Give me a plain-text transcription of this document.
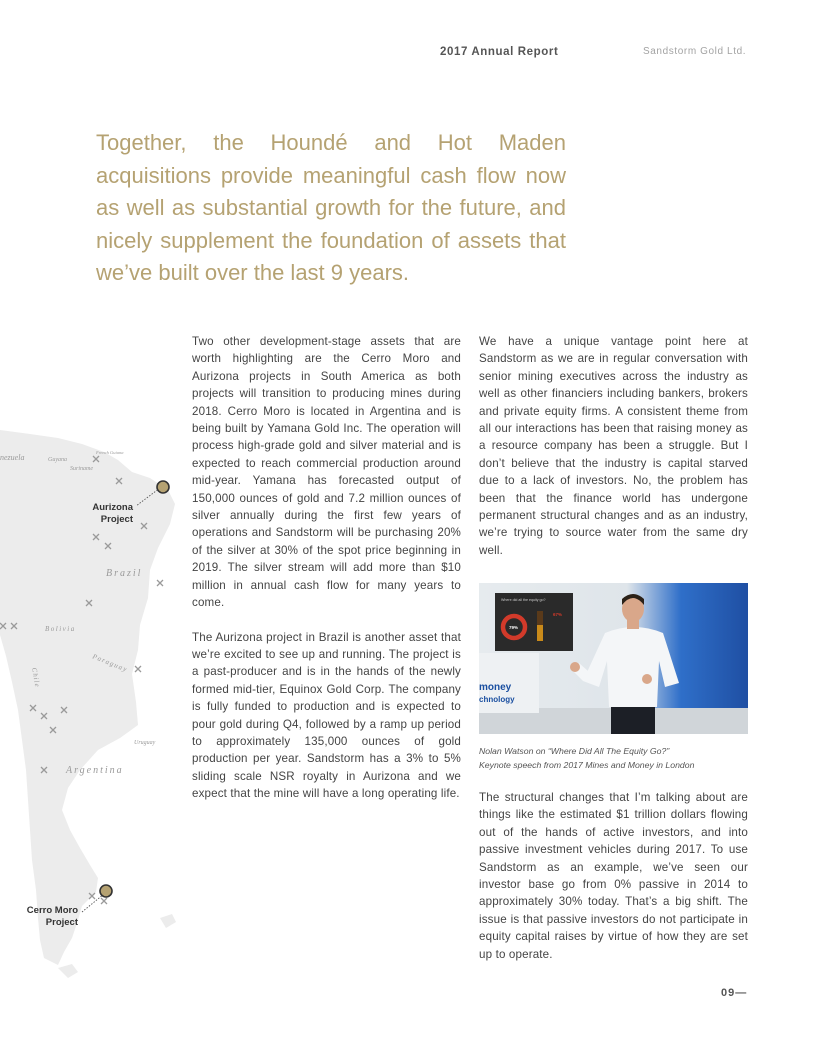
2017 Annual Report	Sandstorm Gold Ltd.
Together, the Houndé and Hot Maden acquisitions provide meaningful cash flow now as well as substantial growth for the future, and nicely supplement the foundation of assets that we’ve built over the last 9 years.
nezuela	Guyana
Suriname
French Guiana
Brazil
Bolivia
Paraguay
Chile
Uruguay
Argentina
Aurizona
Project
Cerro Moro
Project

Two other development-stage assets that are worth highlighting are the Cerro Moro and Aurizona projects in South America as both projects will transition to producing mines during 2018. Cerro Moro is located in Argentina and is being built by Yamana Gold Inc. The operation will process high-grade gold and silver material and is expected to reach commercial production around mid-year. Yamana has forecasted output of 150,000 ounces of gold and 7.2 million ounces of silver annually during the first few years of operations and Sandstorm will be purchasing 20% of the silver at 30% of the spot price beginning in 2019. The silver stream will add more than $10 million in annual cash flow for many years to come.

The Aurizona project in Brazil is another asset that we’re excited to see up and running. The project is a past-producer and is in the hands of the newly formed mid-tier, Equinox Gold Corp. The company is fully funded to production and is expected to pour gold during Q4, followed by a ramp up period to approximately 135,000 ounces of gold production per year. Sandstorm has a 3% to 5% sliding scale NSR royalty in Aurizona and we expect that the mine will have a long operating life.

We have a unique vantage point here at Sandstorm as we are in regular conversation with senior mining executives across the industry as well as other financiers including bankers, brokers and private equity firms. A consistent theme from all our interactions has been that raising money as a resource company has been a struggle. But I don’t believe that the industry is capital starved due to a lack of investors. No, the problem has been that the finance world has undergone permanent structural changes and as an industry, we’re trying to source water from the same dry well.

Where did all the equity go?
79%
67%
money
chnology
Nolan Watson on “Where Did All The Equity Go?”
Keynote speech from 2017 Mines and Money in London

The structural changes that I’m talking about are things like the estimated $1 trillion dollars flowing out of the hands of active investors, and into passive investment vehicles during 2017. To use Sandstorm as an example, we’ve seen our investor base go from 0% passive in 2014 to approximately 30% today. That’s a big shift. The issue is that passive investors do not participate in equity capital raises by virtue of how they are set up to operate.

09—
